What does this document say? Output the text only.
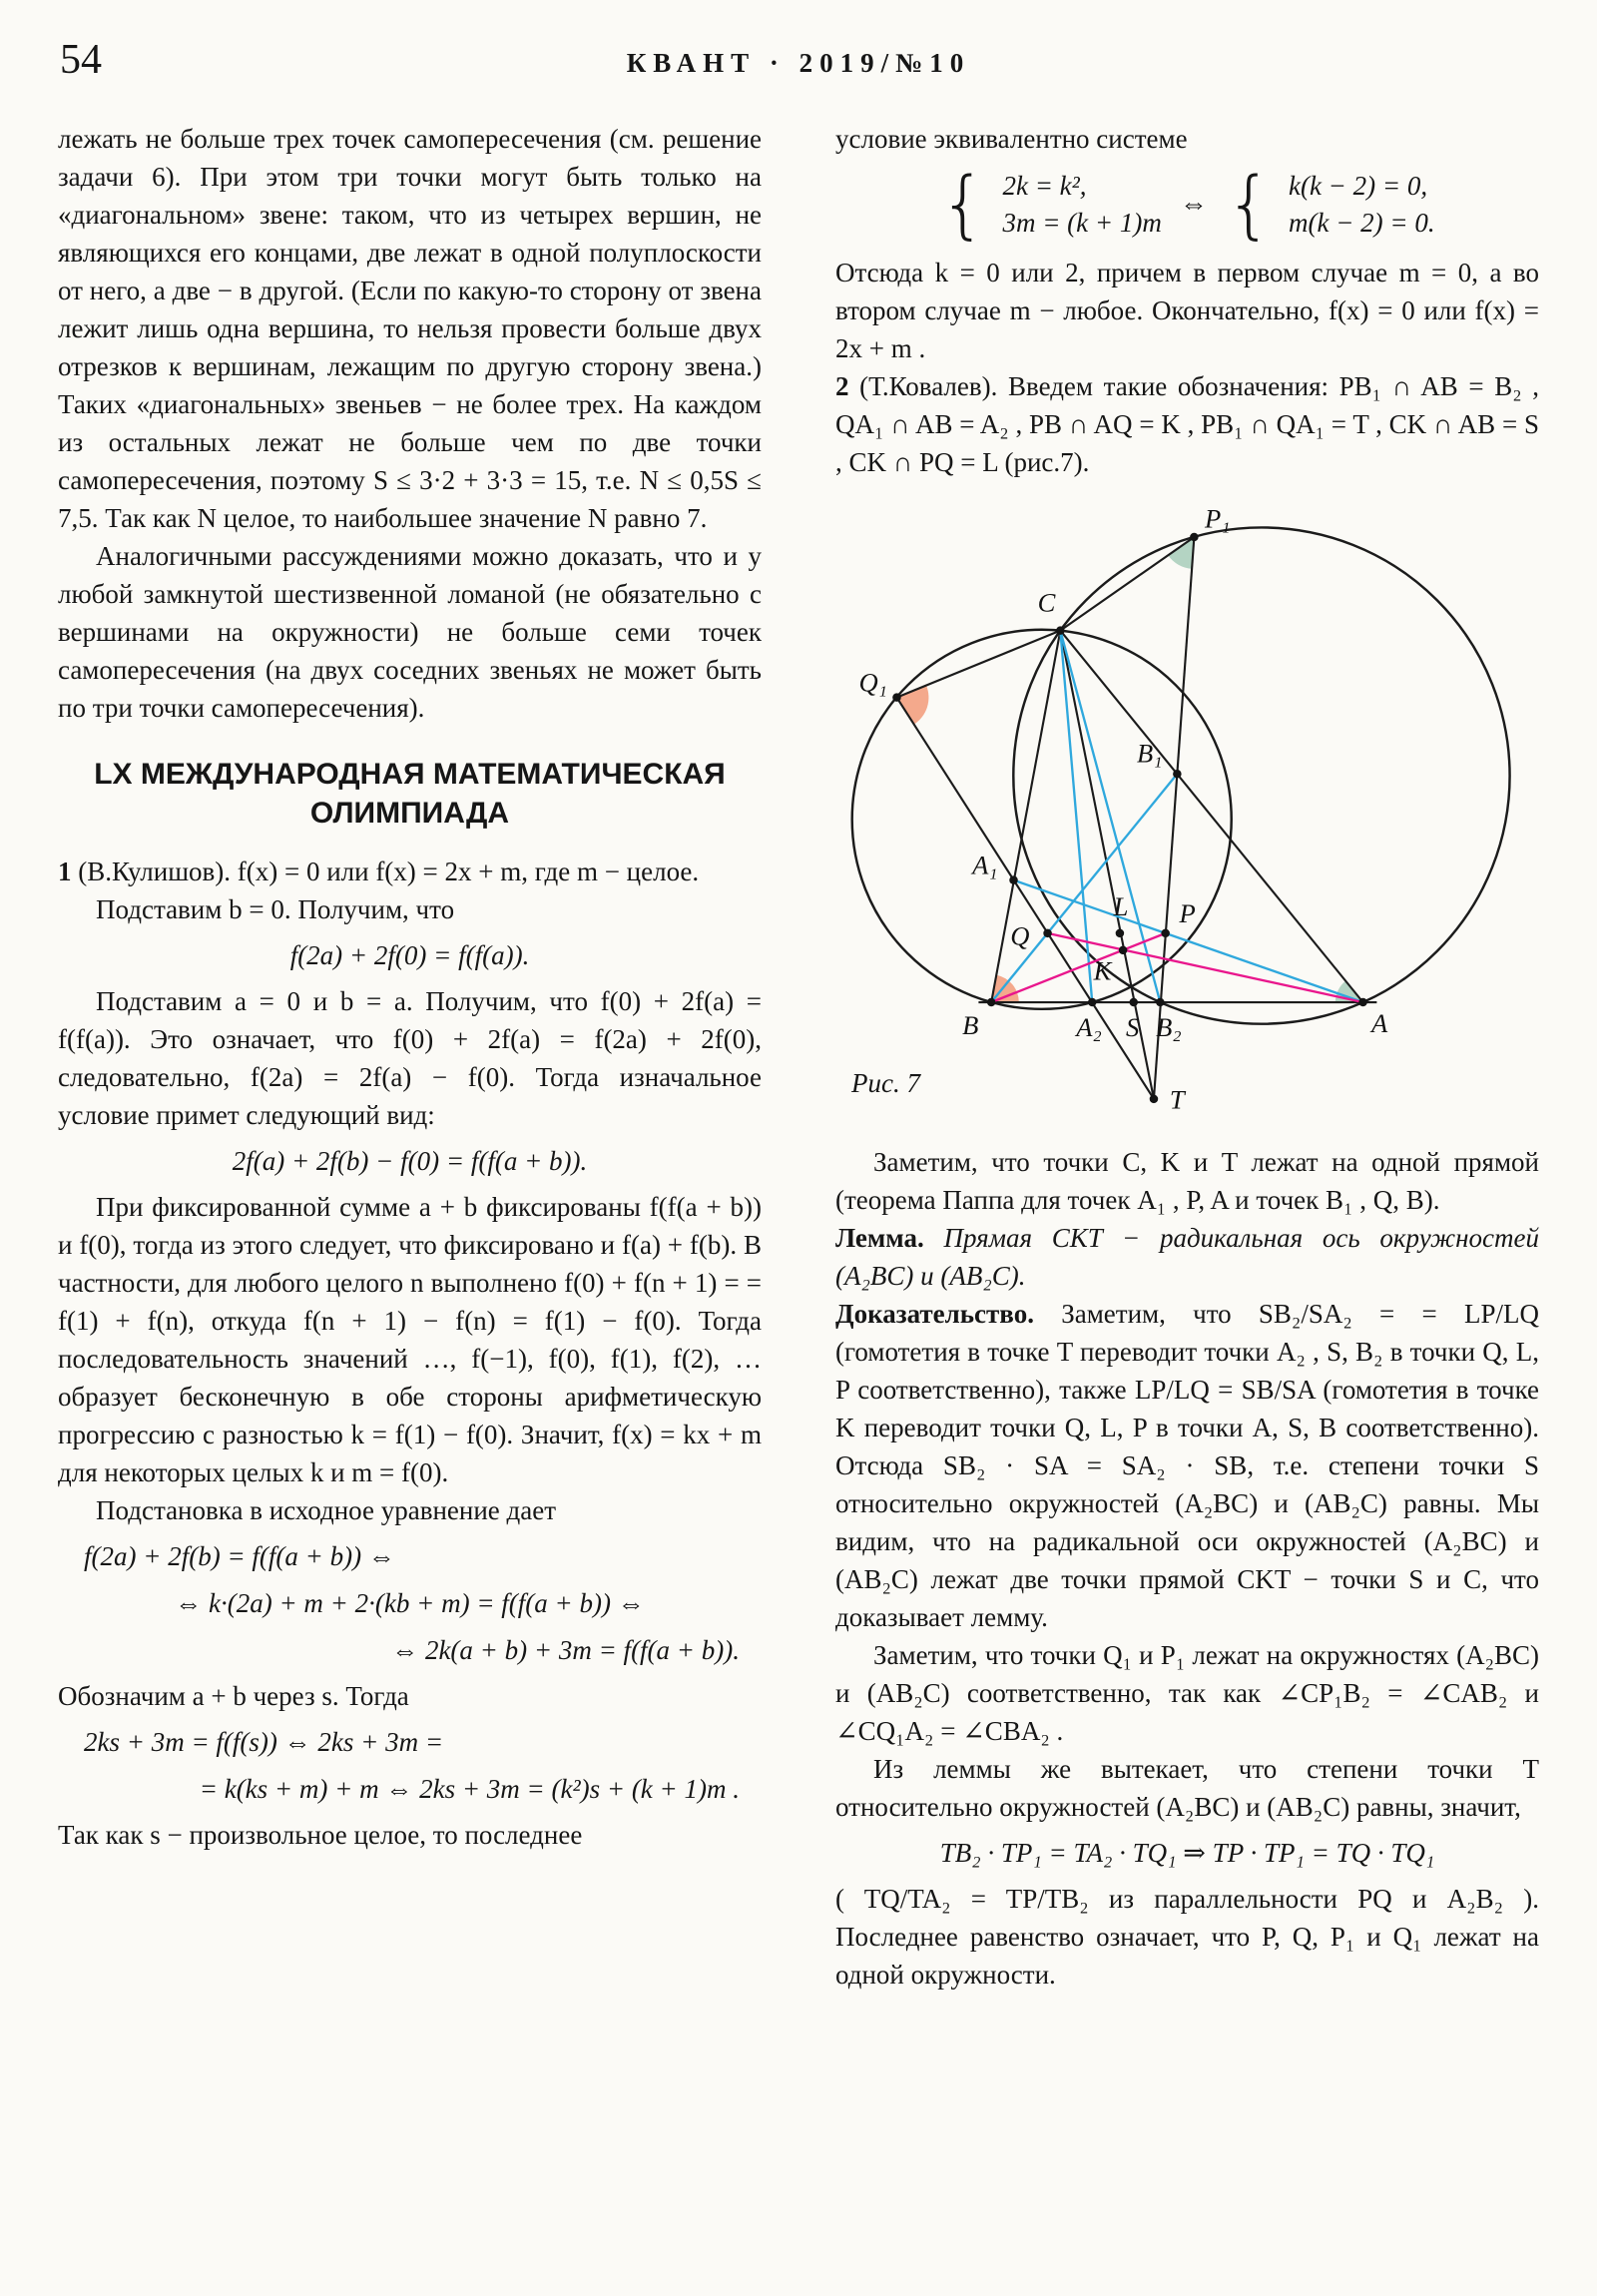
54	КВАНТ · 2019/№10

лежать не больше трех точек самопересечения (см. решение задачи 6). При этом три точки могут быть только на «диагональном» звене: таком, что из четырех вершин, не являющихся его концами, две лежат в одной полуплоскости от него, а две − в другой. (Если по какую-то сторону от звена лежит лишь одна вершина, то нельзя провести больше двух отрезков к вершинам, лежащим по другую сторону звена.) Таких «диагональных» звеньев − не более трех. На каждом из остальных лежат не больше чем по две точки самопересечения, поэтому S ≤ 3·2 + 3·3 = 15, т.е. N ≤ 0,5S ≤ 7,5. Так как N целое, то наибольшее значение N равно 7.

Аналогичными рассуждениями можно доказать, что и у любой замкнутой шестизвенной ломаной (не обязательно с вершинами на окружности) не больше семи точек самопересечения (на двух соседних звеньях не может быть по три точки самопересечения).

LX МЕЖДУНАРОДНАЯ МАТЕМАТИЧЕСКАЯ ОЛИМПИАДА

1 (В.Кулишов). f(x) = 0 или f(x) = 2x + m, где m − целое.

Подставим b = 0. Получим, что

f(2a) + 2f(0) = f(f(a)).

Подставим a = 0 и b = a. Получим, что f(0) + 2f(a) = f(f(a)). Это означает, что f(0) + 2f(a) = f(2a) + 2f(0), следовательно, f(2a) = 2f(a) − f(0). Тогда изначальное условие примет следующий вид:

2f(a) + 2f(b) − f(0) = f(f(a + b)).

При фиксированной сумме a + b фиксированы f(f(a + b)) и f(0), тогда из этого следует, что фиксировано и f(a) + f(b). В частности, для любого целого n выполнено f(0) + f(n + 1) = = f(1) + f(n), откуда f(n + 1) − f(n) = f(1) − f(0). Тогда последовательность значений …, f(−1), f(0), f(1), f(2), … образует бесконечную в обе стороны арифметическую прогрессию с разностью k = f(1) − f(0). Значит, f(x) = kx + m для некоторых целых k и m = f(0).

Подстановка в исходное уравнение дает

f(2a) + 2f(b) = f(f(a + b)) ⇔
⇔ k·(2a) + m + 2·(kb + m) = f(f(a + b)) ⇔
⇔ 2k(a + b) + 3m = f(f(a + b)).

Обозначим a + b через s. Тогда

2ks + 3m = f(f(s)) ⇔ 2ks + 3m =
= k(ks + m) + m ⇔ 2ks + 3m = (k²)s + (k + 1)m .

Так как s − произвольное целое, то последнее

условие эквивалентно системе

{ 2k = k²,
3m = (k + 1)m
⇔ { k(k − 2) = 0,
m(k − 2) = 0.

Отсюда k = 0 или 2, причем в первом случае m = 0, а во втором случае m − любое. Окончательно, f(x) = 0 или f(x) = 2x + m .

2 (Т.Ковалев). Введем такие обозначения: PB₁ ∩ AB = B₂ , QA₁ ∩ AB = A₂ , PB ∩ AQ = K , PB₁ ∩ QA₁ = T , CK ∩ AB = S , CK ∩ PQ = L (рис.7).

P₁
C
Q₁
B₁
A₁
L P
Q
K
B	A₂ S B₂	A
T
Рис. 7

Заметим, что точки C, K и T лежат на одной прямой (теорема Паппа для точек A₁ , P, A и точек B₁ , Q, B).

Лемма. Прямая CKT − радикальная ось окружностей (A₂BC) и (AB₂C).

Доказательство. Заметим, что SB₂/SA₂ = = LP/LQ (гомотетия в точке T переводит точки A₂ , S, B₂ в точки Q, L, P соответственно), также LP/LQ = SB/SA (гомотетия в точке K переводит точки Q, L, P в точки A, S, B соответственно). Отсюда SB₂ · SA = SA₂ · SB, т.е. степени точки S относительно окружностей (A₂BC) и (AB₂C) равны. Мы видим, что на радикальной оси окружностей (A₂BC) и (AB₂C) лежат две точки прямой CKT − точки S и C, что доказывает лемму.

Заметим, что точки Q₁ и P₁ лежат на окружностях (A₂BC) и (AB₂C) соответственно, так как ∠CP₁B₂ = ∠CAB₂ и ∠CQ₁A₂ = ∠CBA₂ .

Из леммы же вытекает, что степени точки T относительно окружностей (A₂BC) и (AB₂C) равны, значит,

TB₂ · TP₁ = TA₂ · TQ₁ ⇒ TP · TP₁ = TQ · TQ₁

( TQ/TA₂ = TP/TB₂ из параллельности PQ и A₂B₂ ). Последнее равенство означает, что P, Q, P₁ и Q₁ лежат на одной окружности.
